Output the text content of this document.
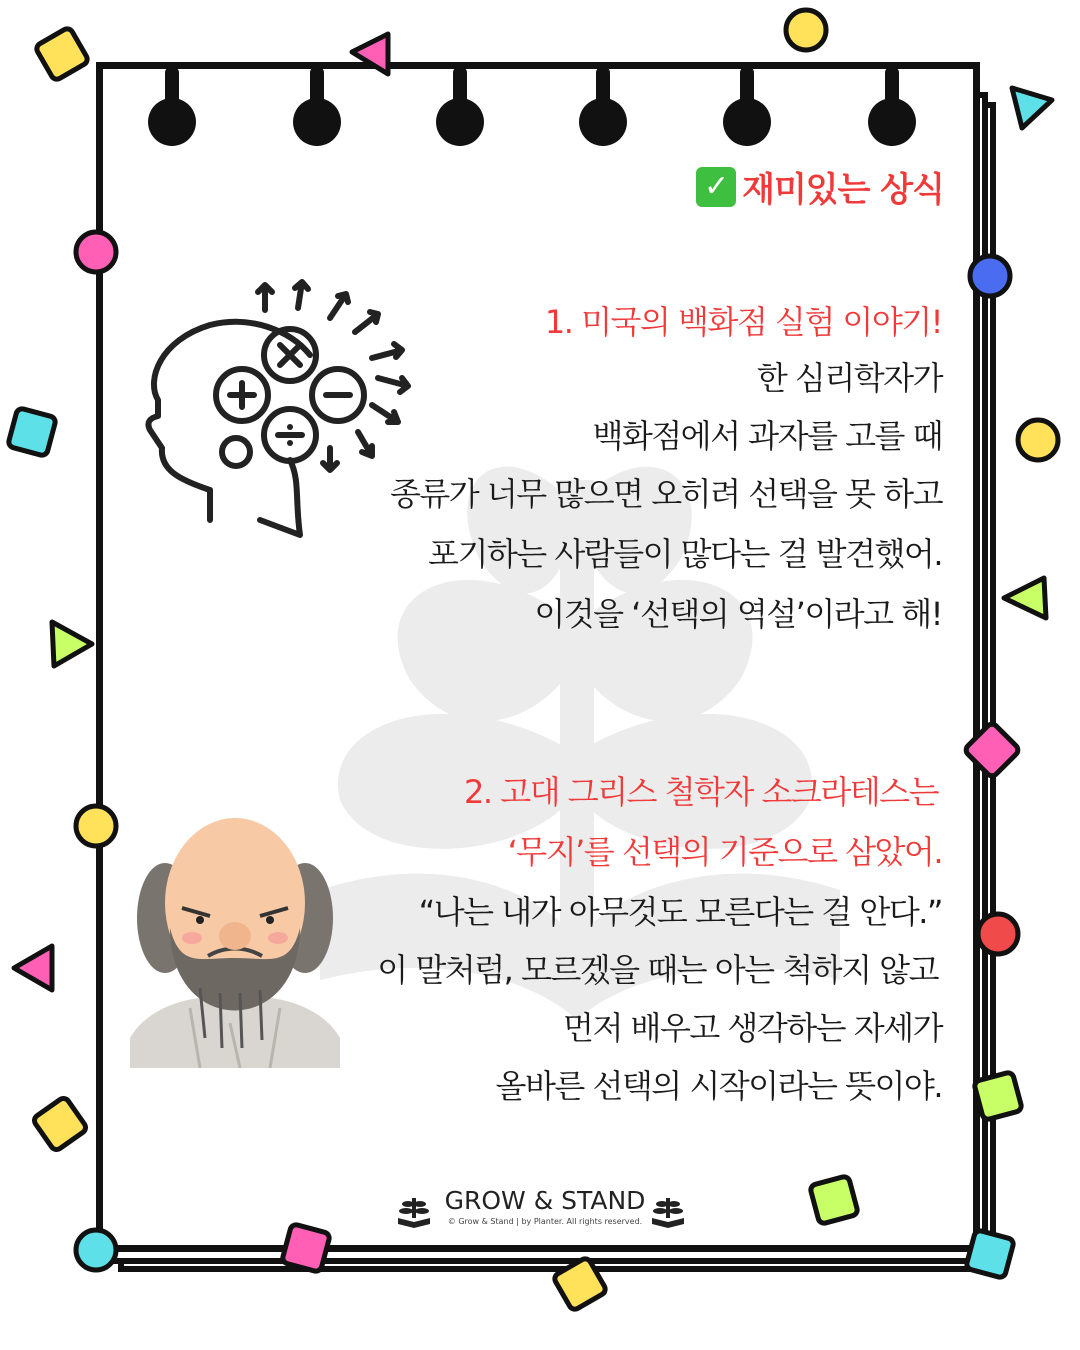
✓ 재미있는 상식
1. 미국의 백화점 실험 이야기!
한 심리학자가
백화점에서 과자를 고를 때
종류가 너무 많으면 오히려 선택을 못 하고
포기하는 사람들이 많다는 걸 발견했어.
이것을 ‘선택의 역설’이라고 해!
2. 고대 그리스 철학자 소크라테스는
‘무지’를 선택의 기준으로 삼았어.
“나는 내가 아무것도 모른다는 걸 안다.”
이 말처럼, 모르겠을 때는 아는 척하지 않고
먼저 배우고 생각하는 자세가
올바른 선택의 시작이라는 뜻이야.
GROW & STAND
© Grow & Stand | by Planter. All rights reserved.
